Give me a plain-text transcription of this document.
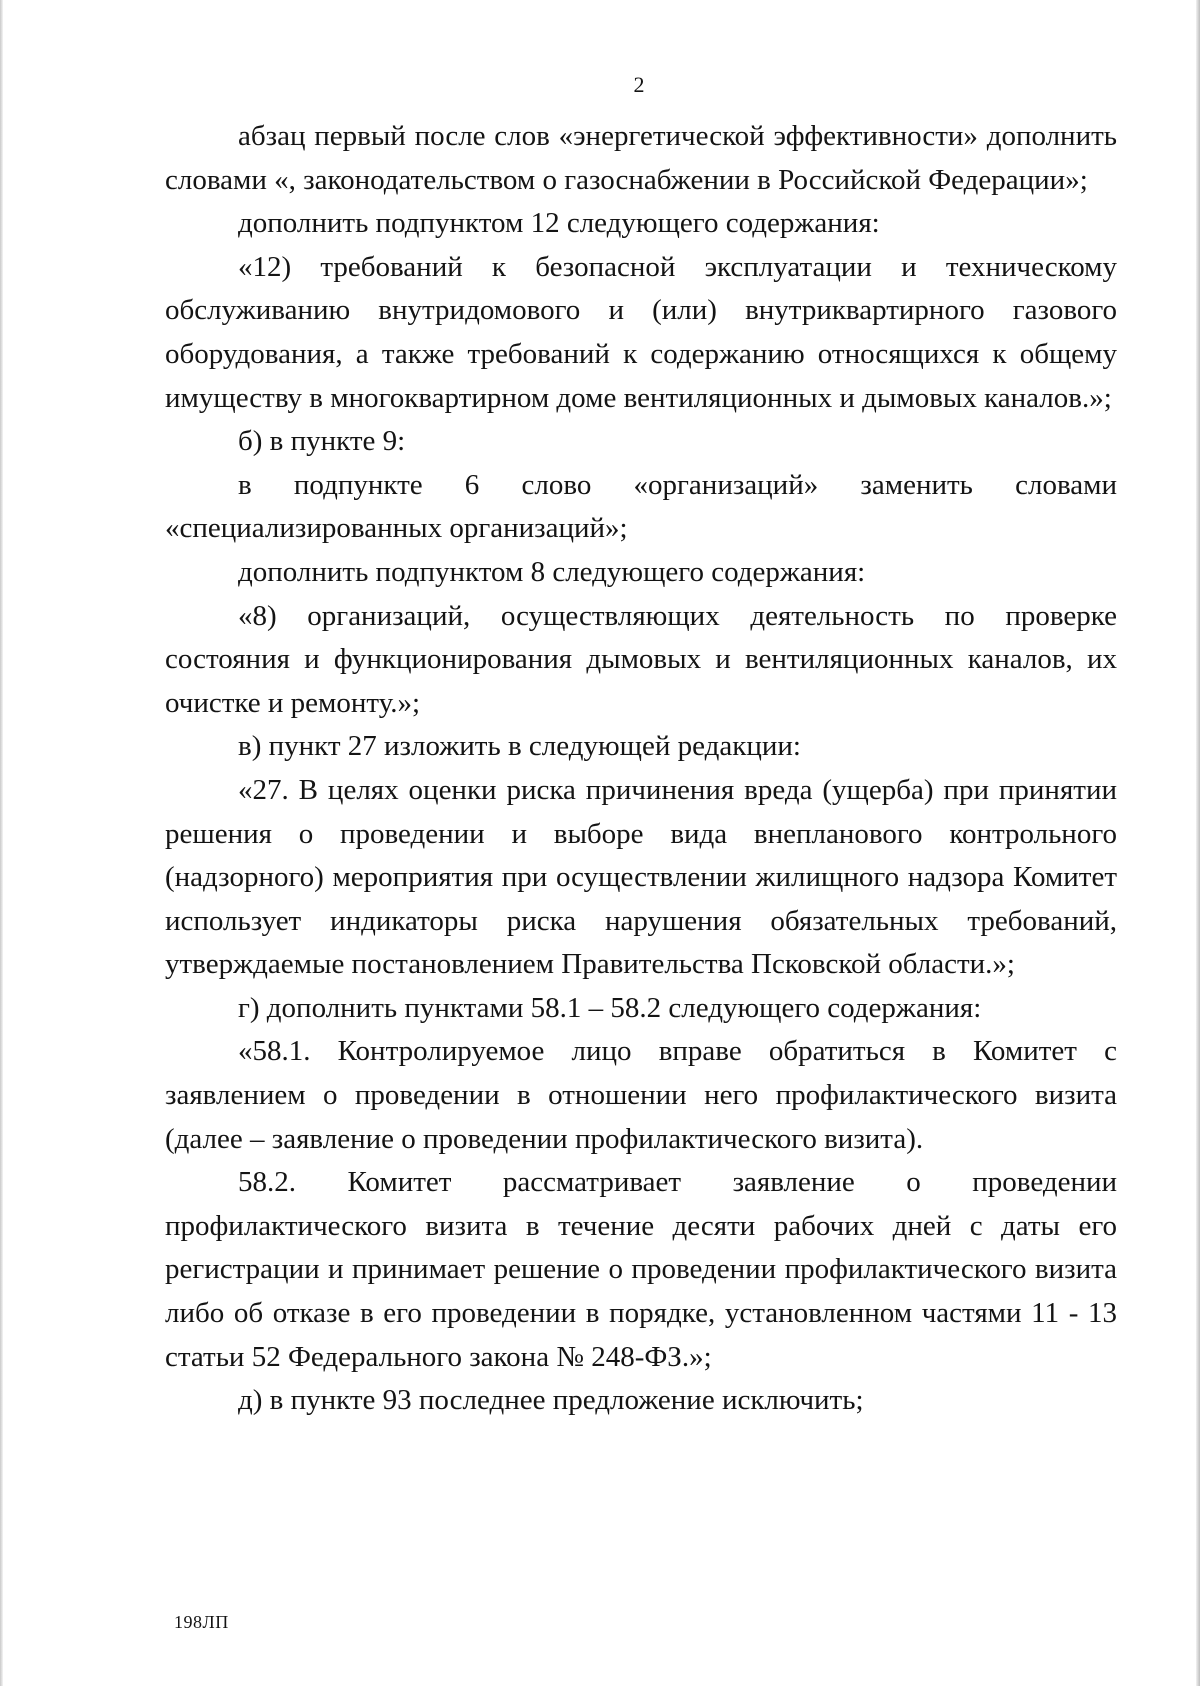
2

абзац первый после слов «энергетической эффективности» дополнить словами «, законодательством о газоснабжении в Российской Федерации»;

дополнить подпунктом 12 следующего содержания:

«12) требований к безопасной эксплуатации и техническому обслуживанию внутридомового и (или) внутриквартирного газового оборудования, а также требований к содержанию относящихся к общему имуществу в многоквартирном доме вентиляционных и дымовых каналов.»;

б) в пункте 9:

в подпункте 6 слово «организаций» заменить словами «специализированных организаций»;

дополнить подпунктом 8 следующего содержания:

«8) организаций, осуществляющих деятельность по проверке состояния и функционирования дымовых и вентиляционных каналов, их очистке и ремонту.»;

в) пункт 27 изложить в следующей редакции:

«27. В целях оценки риска причинения вреда (ущерба) при принятии решения о проведении и выборе вида внепланового контрольного (надзорного) мероприятия при осуществлении жилищного надзора Комитет использует индикаторы риска нарушения обязательных требований, утверждаемые постановлением Правительства Псковской области.»;

г) дополнить пунктами 58.1 – 58.2 следующего содержания:

«58.1. Контролируемое лицо вправе обратиться в Комитет с заявлением о проведении в отношении него профилактического визита (далее – заявление о проведении профилактического визита).

58.2. Комитет рассматривает заявление о проведении профилактического визита в течение десяти рабочих дней с даты его регистрации и принимает решение о проведении профилактического визита либо об отказе в его проведении в порядке, установленном частями 11 - 13 статьи 52 Федерального закона № 248-ФЗ.»;

д) в пункте 93 последнее предложение исключить;

198ЛП
